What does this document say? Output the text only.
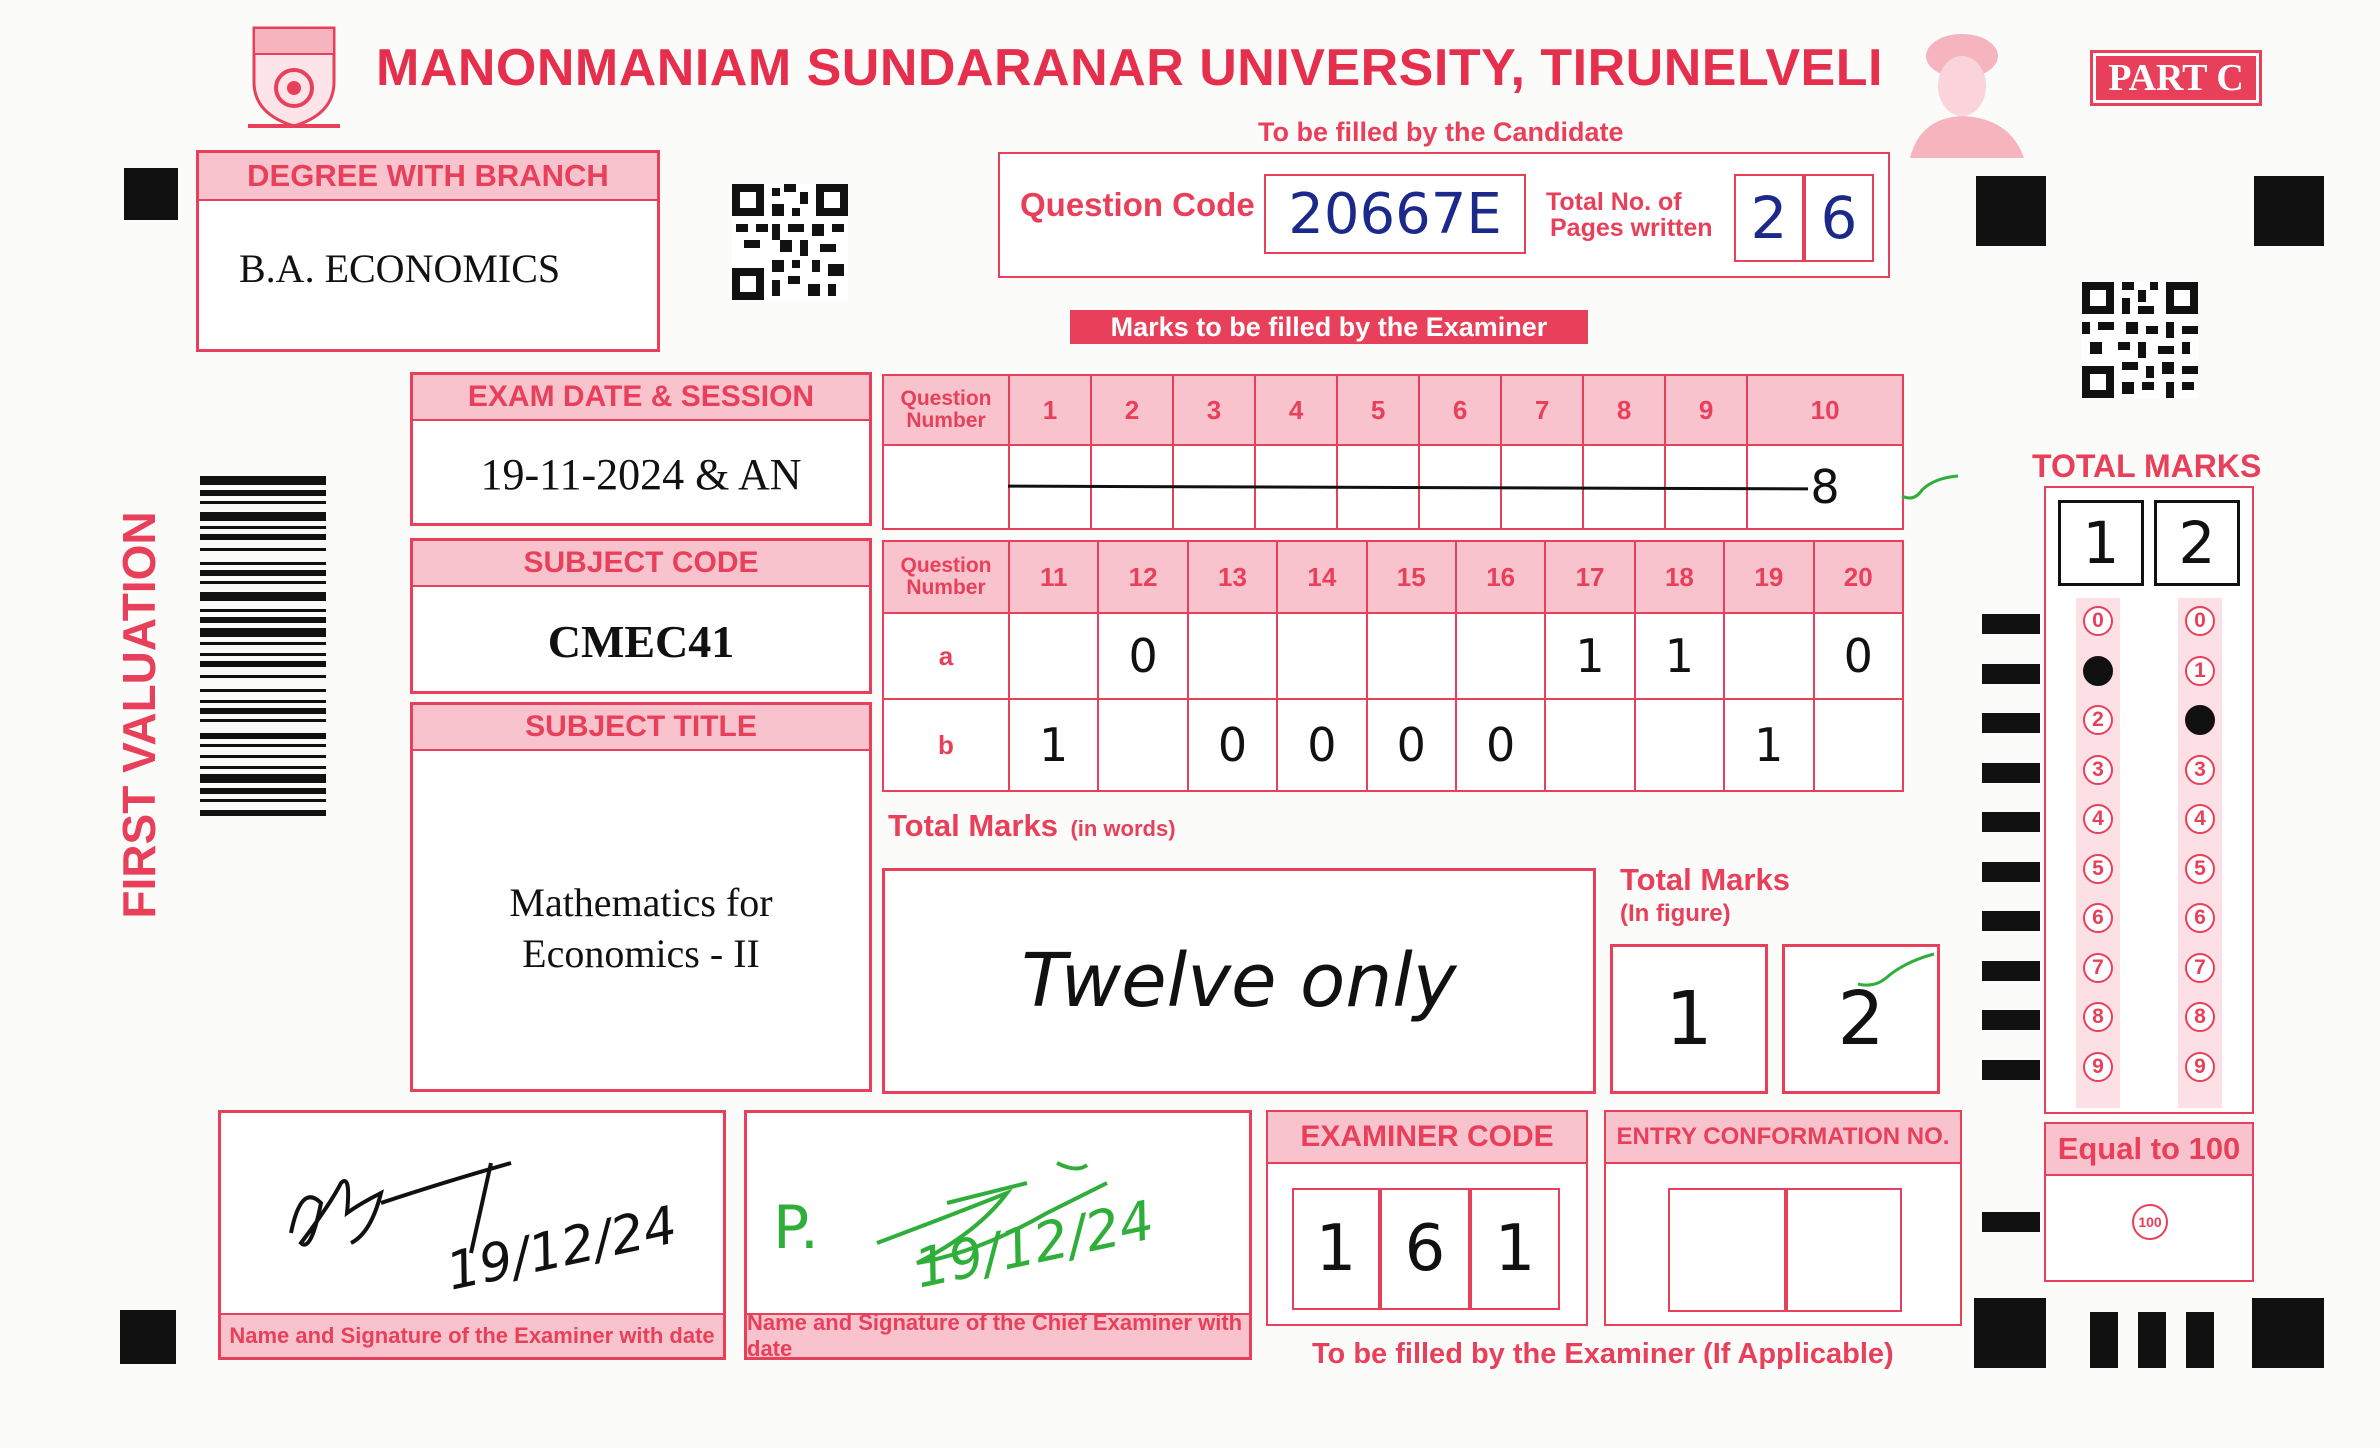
MANONMANIAM SUNDARANAR UNIVERSITY, TIRUNELVELI	PART C
To be filled by the Candidate
DEGREE WITH BRANCH
B.A. ECONOMICS
Question Code 20667E	Total No. of
Pages written 2 6
Marks to be filled by the Examiner
EXAM DATE & SESSION
19-11-2024 & AN
SUBJECT CODE
CMEC41
SUBJECT TITLE
Mathematics for
Economics - II
FIRST VALUATION
Question
Number	1	2	3	4	5	6	7	8	9	10
										8
Question
Number	11	12	13	14	15	16	17	18	19	20
a		0					1	1		0
b	1		0	0	0	0			1	
Total Marks (in words)
Twelve only
Total Marks
(In figure)
1	2
TOTAL MARKS
1	2
0
1
2
3
4
5
6
7
8
9
0
1
2
3
4
5
6
7
8
9
Equal to 100
100
19/12/24
Name and Signature of the Examiner with date
P. 19/12/24
Name and Signature of the Chief Examiner with date
EXAMINER CODE
1 6 1
ENTRY CONFORMATION NO.
To be filled by the Examiner (If Applicable)
